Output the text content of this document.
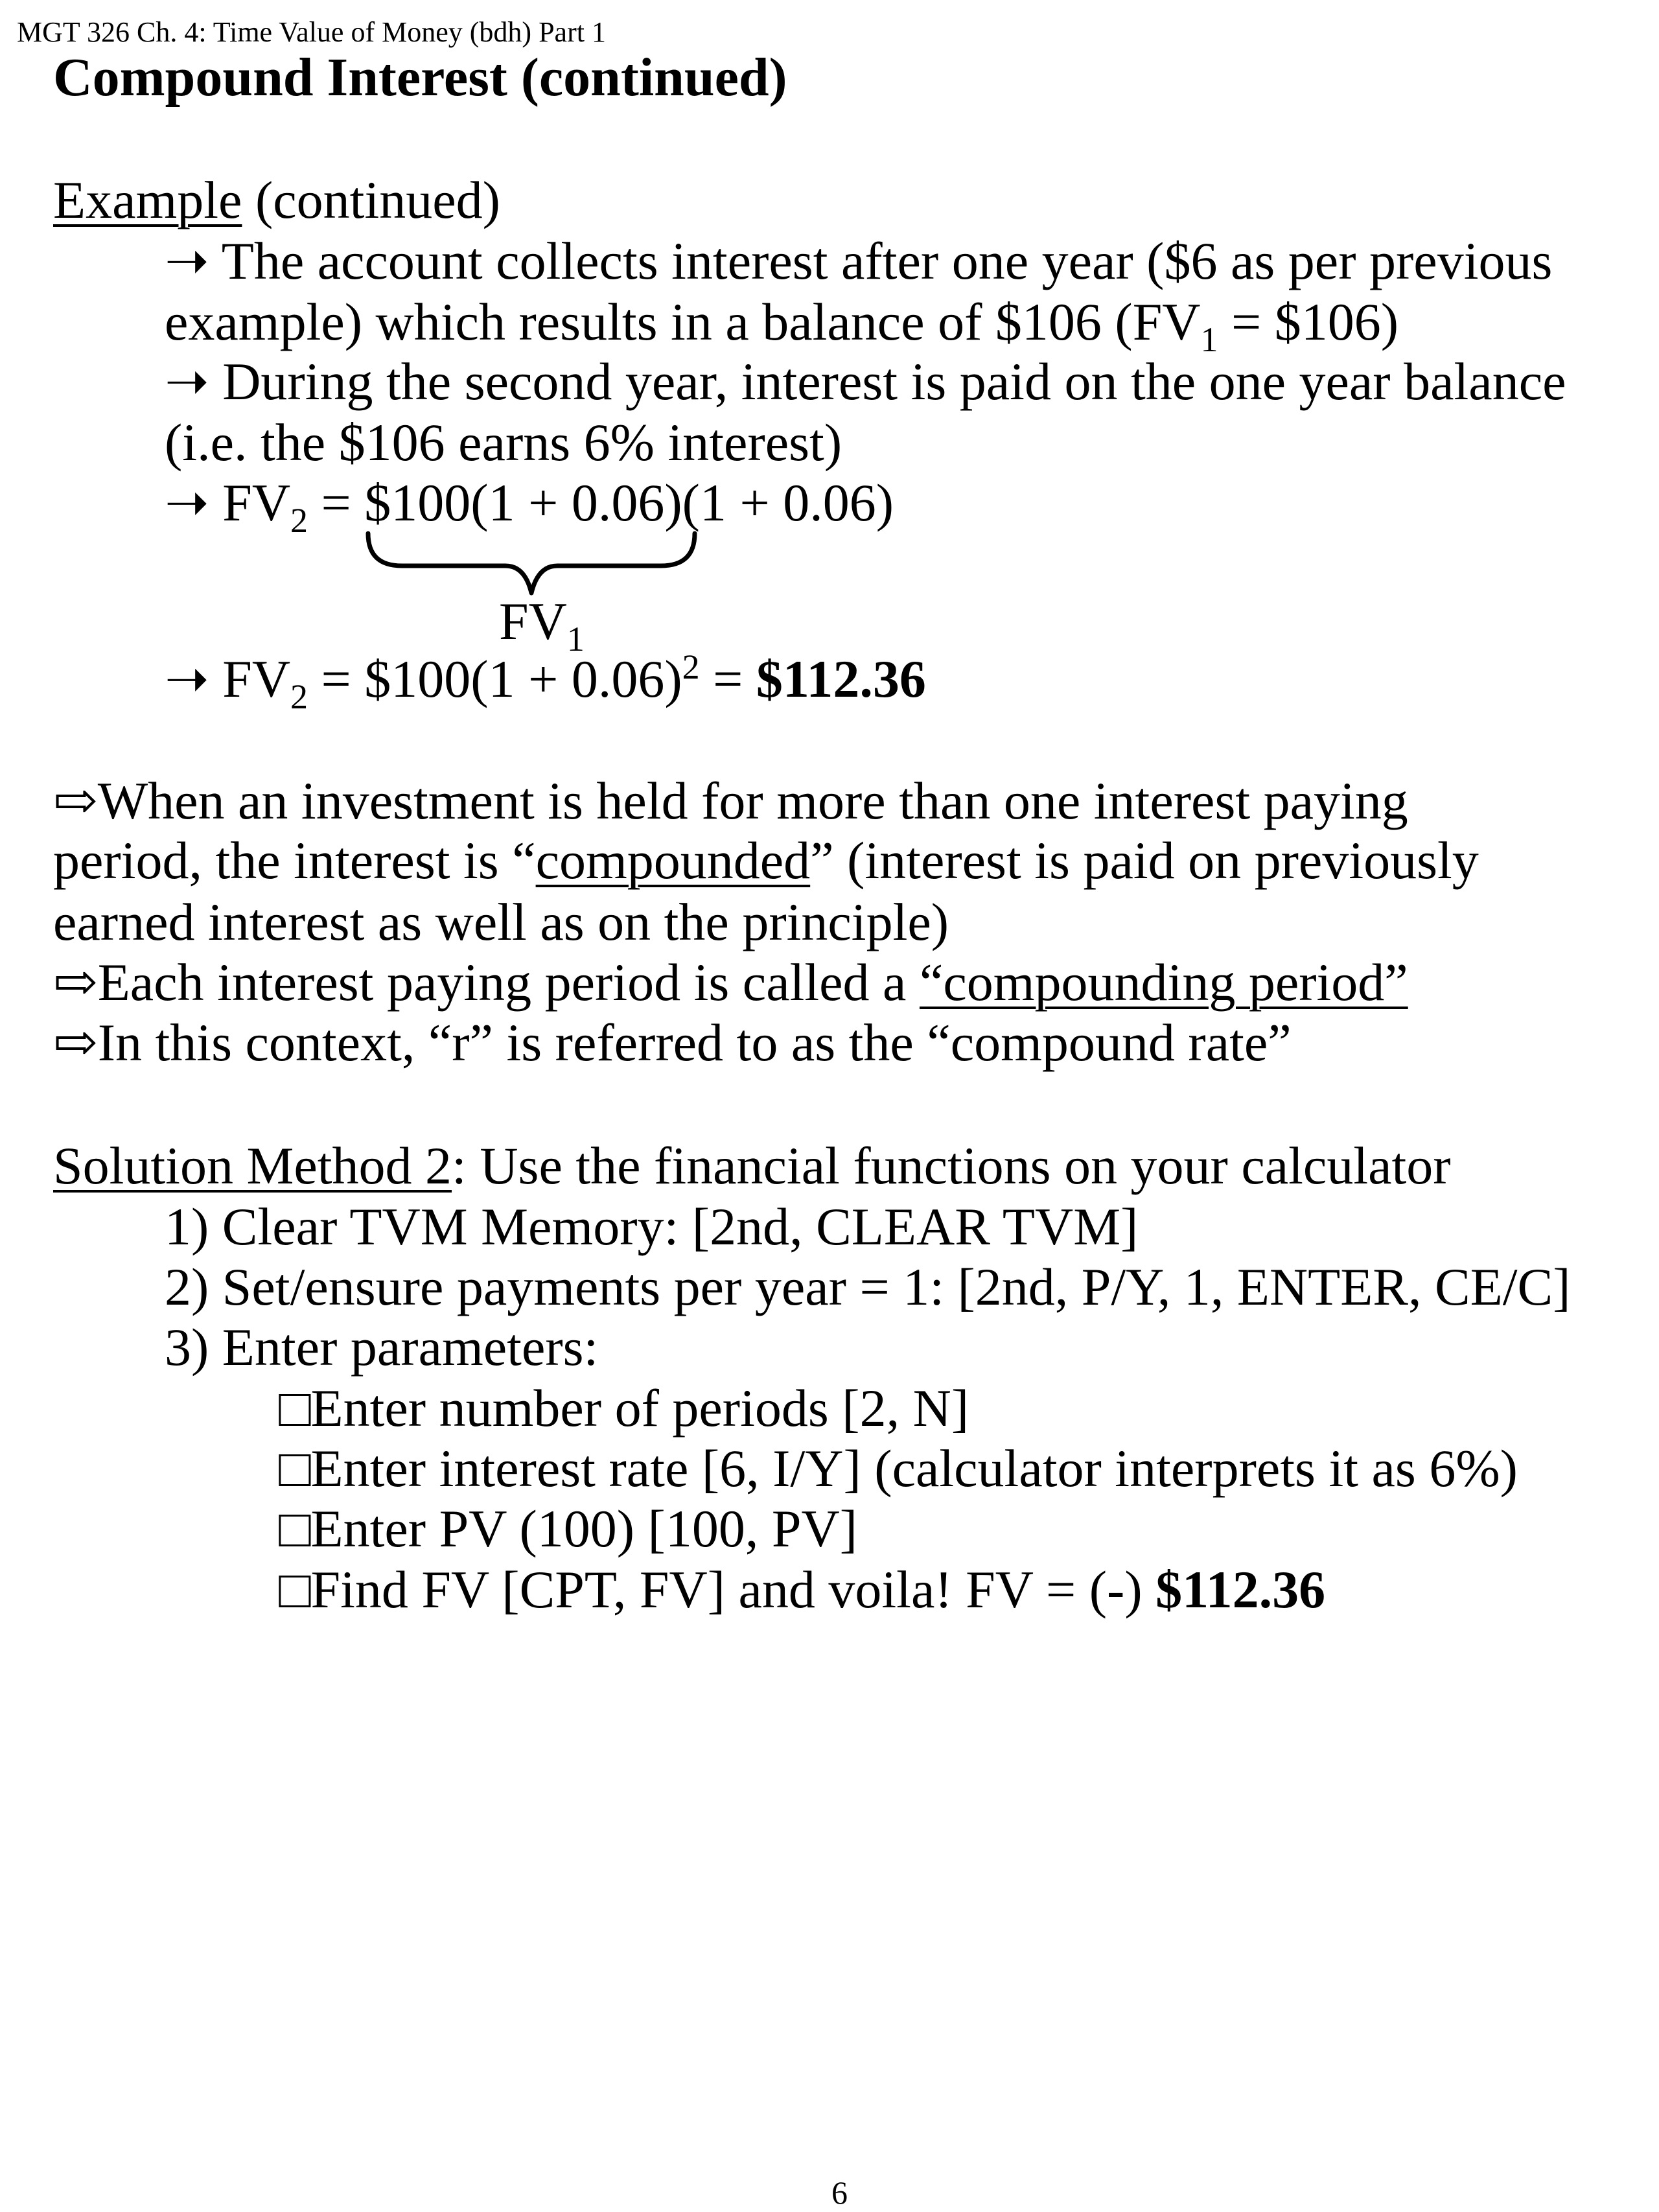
MGT 326 Ch. 4: Time Value of Money (bdh) Part 1
Compound Interest (continued)
Example (continued)
➝ The account collects interest after one year ($6 as per previous
example) which results in a balance of $106 ($FV_1$ = $106)
➝ During the second year, interest is paid on the one year balance
(i.e. the $106 earns 6% interest)
➝ $FV_2$ = $100(1 + 0.06)(1 + 0.06)
$FV_1$
➝ $FV_2$ = $100(1 + 0.06)$^2$ = $112.36
⇨When an investment is held for more than one interest paying
period, the interest is “compounded” (interest is paid on previously
earned interest as well as on the principle)
⇨Each interest paying period is called a “compounding period”
⇨In this context, “r” is referred to as the “compound rate”
Solution Method 2: Use the financial functions on your calculator
1) Clear TVM Memory: [2nd, CLEAR TVM]
2) Set/ensure payments per year = 1: [2nd, P/Y, 1, ENTER, CE/C]
3) Enter parameters:
□Enter number of periods [2, N]
□Enter interest rate [6, I/Y] (calculator interprets it as 6%)
□Enter PV (100) [100, PV]
□Find FV [CPT, FV] and voila! FV = (-) $112.36
6
